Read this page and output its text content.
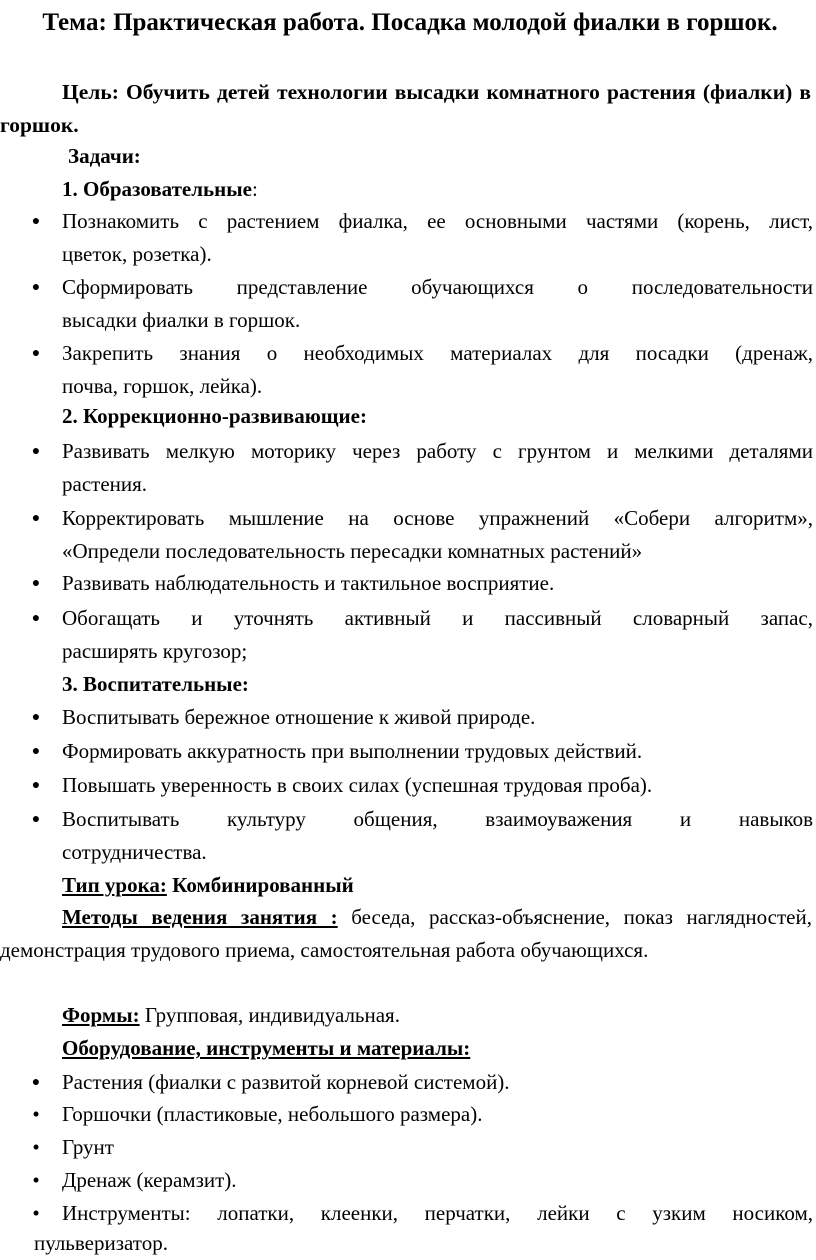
Тема: Практическая работа. Посадка молодой фиалки в горшок.
Цель: Обучить детей технологии высадки комнатного растения (фиалки) в горшок.
Задачи:
1. Образовательные:
● Познакомить с растением фиалка, ее основными частями (корень, лист,
цветок, розетка).
● Сформировать представление обучающихся о последовательности
высадки фиалки в горшок.
● Закрепить знания о необходимых материалах для посадки (дренаж,
почва, горшок, лейка).
2. Коррекционно-развивающие:
● Развивать мелкую моторику через работу с грунтом и мелкими деталями
растения.
● Корректировать мышление на основе упражнений «Собери алгоритм»,
«Определи последовательность пересадки комнатных растений»
● Развивать наблюдательность и тактильное восприятие.
● Обогащать и уточнять активный и пассивный словарный запас,
расширять кругозор;
3. Воспитательные:
● Воспитывать бережное отношение к живой природе.
● Формировать аккуратность при выполнении трудовых действий.
● Повышать уверенность в своих силах (успешная трудовая проба).
● Воспитывать культуру общения, взаимоуважения и навыков
сотрудничества.
Тип урока: Комбинированный
Методы ведения занятия : беседа, рассказ-объяснение, показ наглядностей, демонстрация трудового приема, самостоятельная работа обучающихся.
Формы: Групповая, индивидуальная.
Оборудование, инструменты и материалы:
● Растения (фиалки с развитой корневой системой).
• Горшочки (пластиковые, небольшого размера).
• Грунт
• Дренаж (керамзит).
• Инструменты: лопатки, клеенки, перчатки, лейки с узким носиком,
пульверизатор.
